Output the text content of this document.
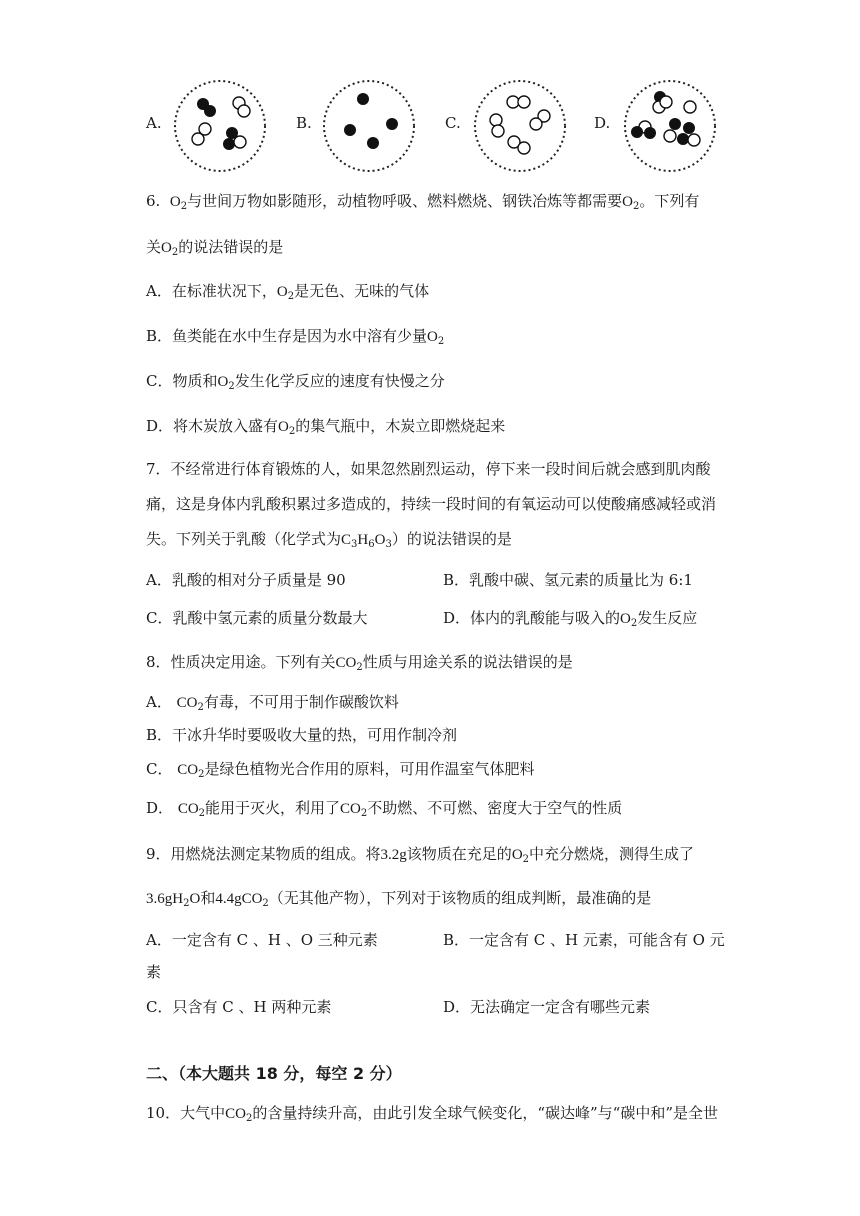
A.	B.	C.	D.
6. $O_2$与世间万物如影随形，动植物呼吸、燃料燃烧、钢铁冶炼等都需要$O_2$。下列有
关$O_2$的说法错误的是
A．在标准状况下，$O_2$是无色、无味的气体
B．鱼类能在水中生存是因为水中溶有少量$O_2$
C．物质和$O_2$发生化学反应的速度有快慢之分
D．将木炭放入盛有$O_2$的集气瓶中，木炭立即燃烧起来
7．不经常进行体育锻炼的人，如果忽然剧烈运动，停下来一段时间后就会感到肌肉酸
痛，这是身体内乳酸积累过多造成的，持续一段时间的有氧运动可以使酸痛感减轻或消
失。下列关于乳酸（化学式为$C_3H_6O_3$）的说法错误的是
A．乳酸的相对分子质量是 90	B．乳酸中碳、氢元素的质量比为 6:1
C．乳酸中氢元素的质量分数最大	D．体内的乳酸能与吸入的$O_2$发生反应
8．性质决定用途。下列有关$CO_2$性质与用途关系的说法错误的是
A． $CO_2$有毒，不可用于制作碳酸饮料
B．干冰升华时要吸收大量的热，可用作制冷剂
C． $CO_2$是绿色植物光合作用的原料，可用作温室气体肥料
D． $CO_2$能用于灭火，利用了$CO_2$不助燃、不可燃、密度大于空气的性质
9．用燃烧法测定某物质的组成。将3.2g该物质在充足的$O_2$中充分燃烧，测得生成了
$3.6gH_2O$和4.4gCO$_2$（无其他产物），下列对于该物质的组成判断，最准确的是
A．一定含有 C 、H 、O 三种元素	B．一定含有 C 、H 元素，可能含有 O 元
素
C．只含有 C 、H 两种元素	D．无法确定一定含有哪些元素
二、（本大题共 18 分，每空 2 分）
10．大气中$CO_2$的含量持续升高，由此引发全球气候变化，“碳达峰”与“碳中和”是全世
